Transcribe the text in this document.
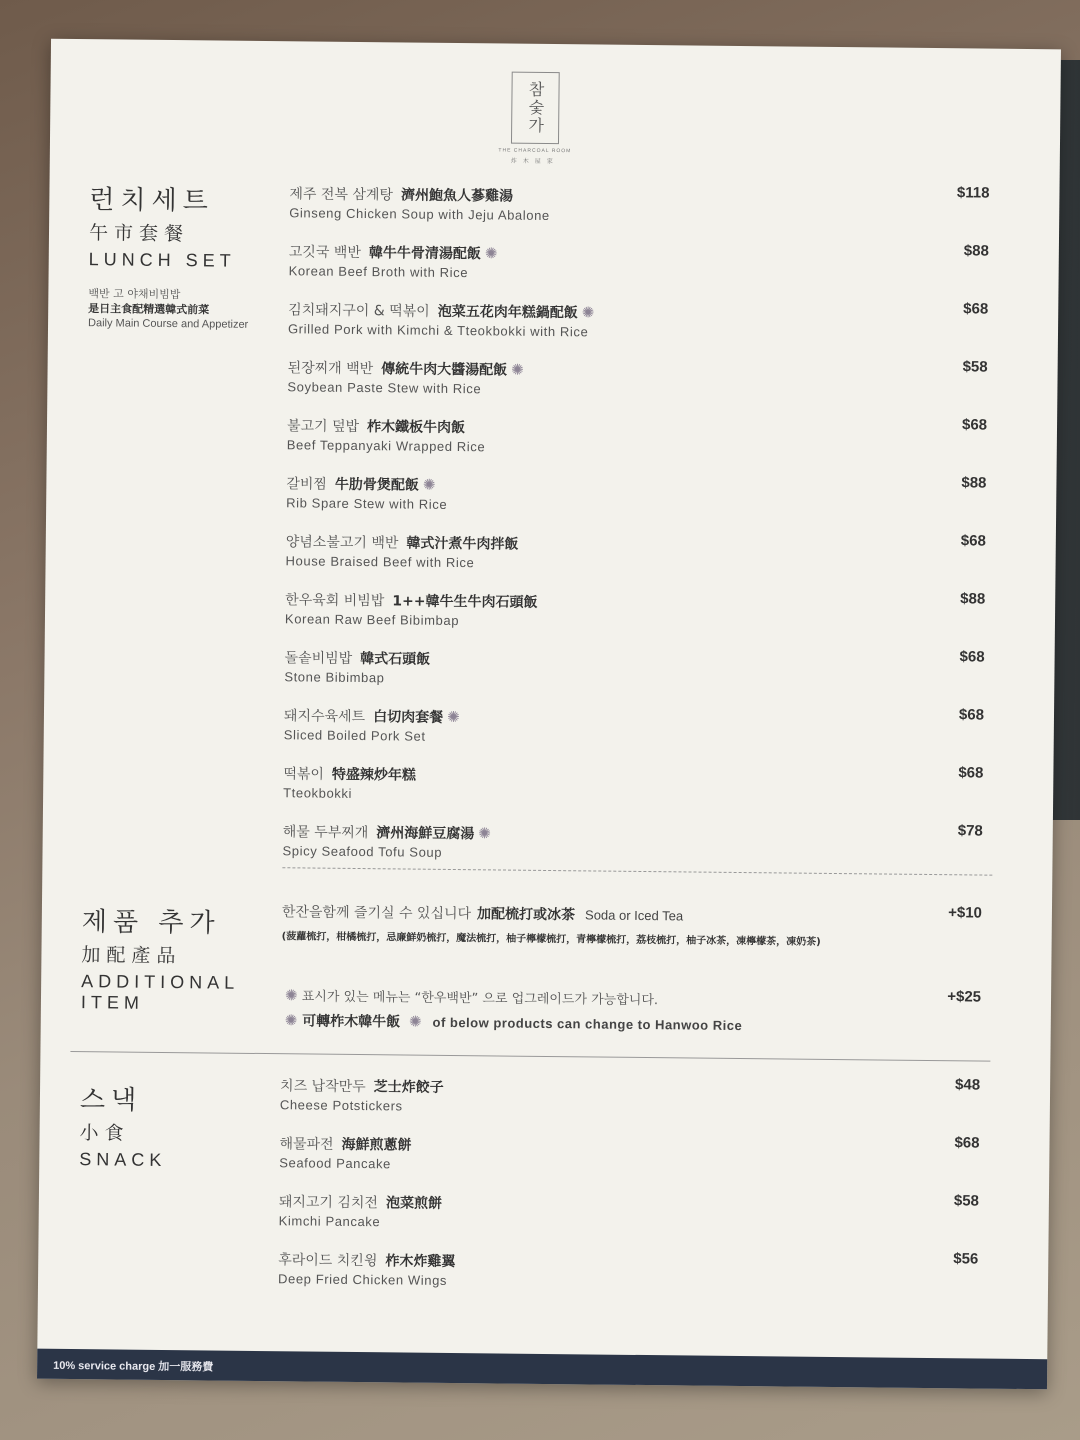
참숯가
THE CHARCOAL ROOM
炸木屋家
런치세트
午市套餐
LUNCH SET
백반 고 야채비빔밥
是日主食配精選韓式前菜
Daily Main Course and Appetizer
제주 전복 삼계탕 濟州鮑魚人蔘雞湯
Ginseng Chicken Soup with Jeju Abalone
$118
고깃국 백반 韓牛牛骨清湯配飯 ✺
Korean Beef Broth with Rice
$88
김치돼지구이 & 떡볶이 泡菜五花肉年糕鍋配飯 ✺
Grilled Pork with Kimchi & Tteokbokki with Rice
$68
된장찌개 백반 傳統牛肉大醬湯配飯 ✺
Soybean Paste Stew with Rice
$58
불고기 덮밥 柞木鐵板牛肉飯
Beef Teppanyaki Wrapped Rice
$68
갈비찜 牛肋骨煲配飯 ✺
Rib Spare Stew with Rice
$88
양념소불고기 백반 韓式汁煮牛肉拌飯
House Braised Beef with Rice
$68
한우육회 비빔밥 1++韓牛生牛肉石頭飯
Korean Raw Beef Bibimbap
$88
돌솥비빔밥 韓式石頭飯
Stone Bibimbap
$68
돼지수육세트 白切肉套餐 ✺
Sliced Boiled Pork Set
$68
떡볶이 特盛辣炒年糕
Tteokbokki
$68
해물 두부찌개 濟州海鮮豆腐湯 ✺
Spicy Seafood Tofu Soup
$78
제품 추가
加配產品
ADDITIONAL
ITEM
한잔을함께 즐기실 수 있십니다 加配梳打或冰茶 Soda or Iced Tea
(菠蘿梳打，柑橘梳打，忌廉鮮奶梳打，魔法梳打，柚子檸檬梳打，青檸檬梳打，荔枝梳打，柚子冰茶，凍檸檬茶，凍奶茶)
+$10
✺ 표시가 있는 메뉴는 “한우백반” 으로 업그레이드가 가능합니다.
✺ 可轉柞木韓牛飯 ✺ of below products can change to Hanwoo Rice
+$25
스낵
小食
SNACK
치즈 납작만두 芝士炸餃子
Cheese Potstickers
$48
해물파전 海鮮煎蔥餅
Seafood Pancake
$68
돼지고기 김치전 泡菜煎餅
Kimchi Pancake
$58
후라이드 치킨윙 柞木炸雞翼
Deep Fried Chicken Wings
$56
10% service charge 加一服務費
